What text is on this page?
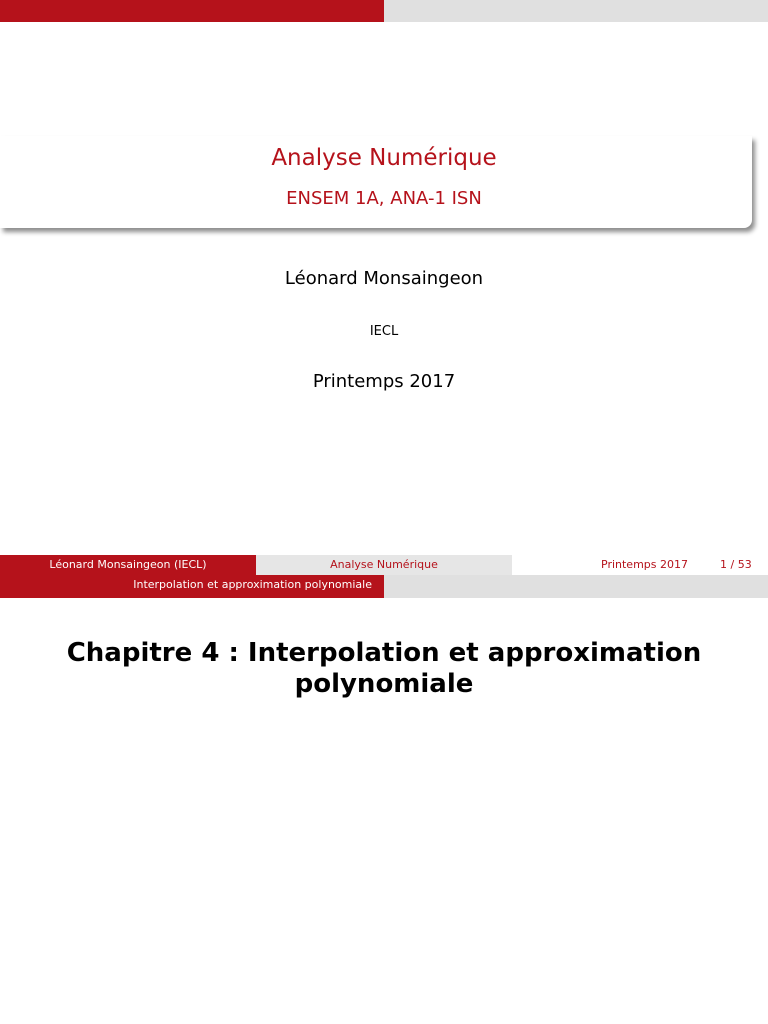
Analyse Numérique
ENSEM 1A, ANA-1 ISN
Léonard Monsaingeon
IECL
Printemps 2017
Léonard Monsaingeon (IECL)	Analyse Numérique	Printemps 2017	1 / 53
Interpolation et approximation polynomiale
Chapitre 4 : Interpolation et approximation polynomiale
